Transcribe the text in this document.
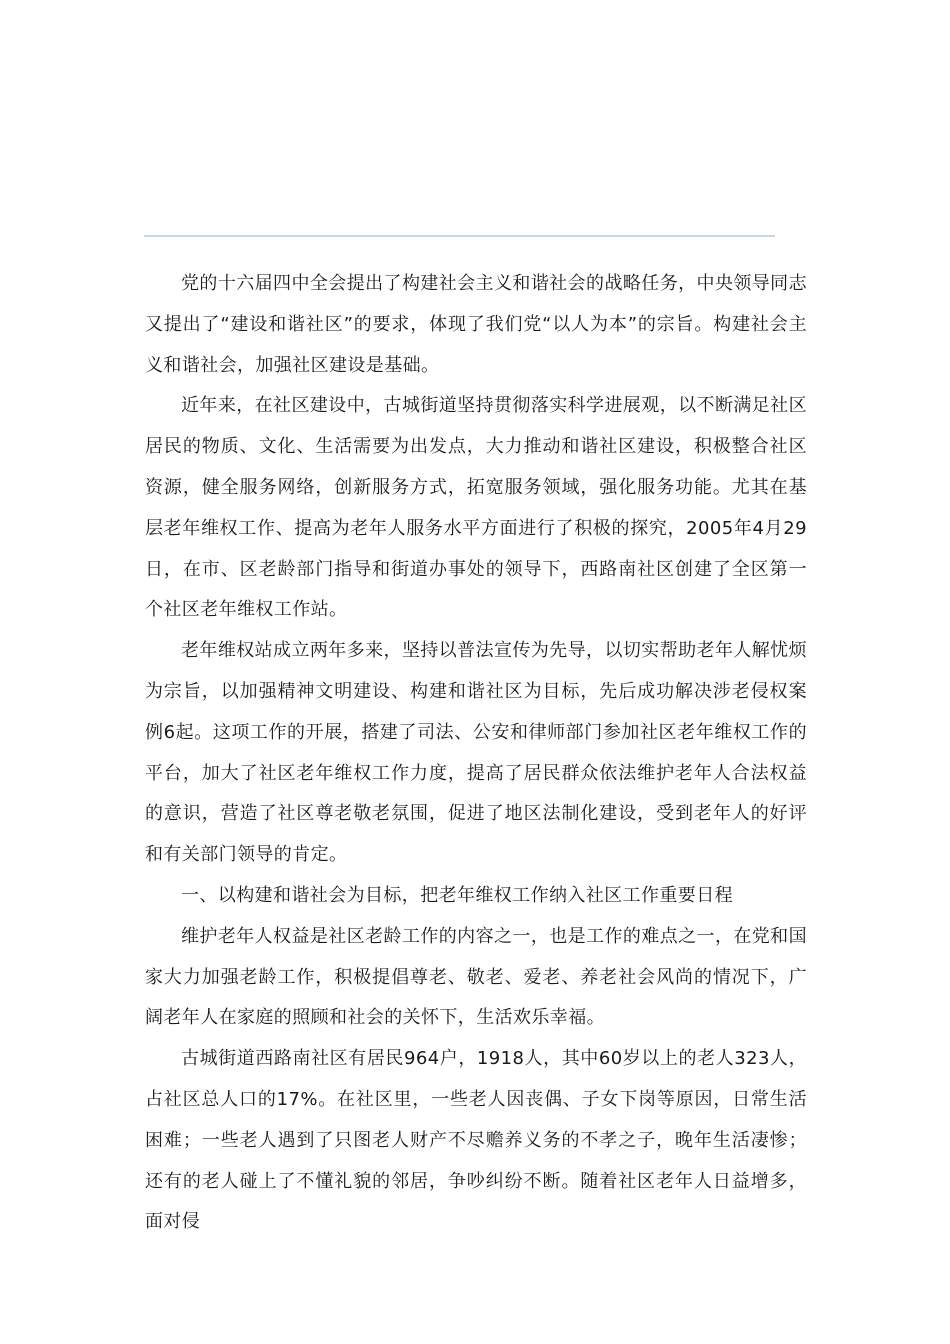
党的十六届四中全会提出了构建社会主义和谐社会的战略任务，中央领导同志又提出了“建设和谐社区”的要求，体现了我们党“以人为本”的宗旨。构建社会主义和谐社会，加强社区建设是基础。

近年来，在社区建设中，古城街道坚持贯彻落实科学进展观，以不断满足社区居民的物质、文化、生活需要为出发点，大力推动和谐社区建设，积极整合社区资源，健全服务网络，创新服务方式，拓宽服务领域，强化服务功能。尤其在基层老年维权工作、提高为老年人服务水平方面进行了积极的探究，2005年4月29日，在市、区老龄部门指导和街道办事处的领导下，西路南社区创建了全区第一个社区老年维权工作站。

老年维权站成立两年多来，坚持以普法宣传为先导，以切实帮助老年人解忧烦为宗旨，以加强精神文明建设、构建和谐社区为目标，先后成功解决涉老侵权案例6起。这项工作的开展，搭建了司法、公安和律师部门参加社区老年维权工作的平台，加大了社区老年维权工作力度，提高了居民群众依法维护老年人合法权益的意识，营造了社区尊老敬老氛围，促进了地区法制化建设，受到老年人的好评和有关部门领导的肯定。

一、以构建和谐社会为目标，把老年维权工作纳入社区工作重要日程

维护老年人权益是社区老龄工作的内容之一，也是工作的难点之一，在党和国家大力加强老龄工作，积极提倡尊老、敬老、爱老、养老社会风尚的情况下，广阔老年人在家庭的照顾和社会的关怀下，生活欢乐幸福。

古城街道西路南社区有居民964户，1918人，其中60岁以上的老人323人，占社区总人口的17%。在社区里，一些老人因丧偶、子女下岗等原因，日常生活困难；一些老人遇到了只图老人财产不尽赡养义务的不孝之子，晚年生活凄惨；还有的老人碰上了不懂礼貌的邻居，争吵纠纷不断。随着社区老年人日益增多，面对侵
